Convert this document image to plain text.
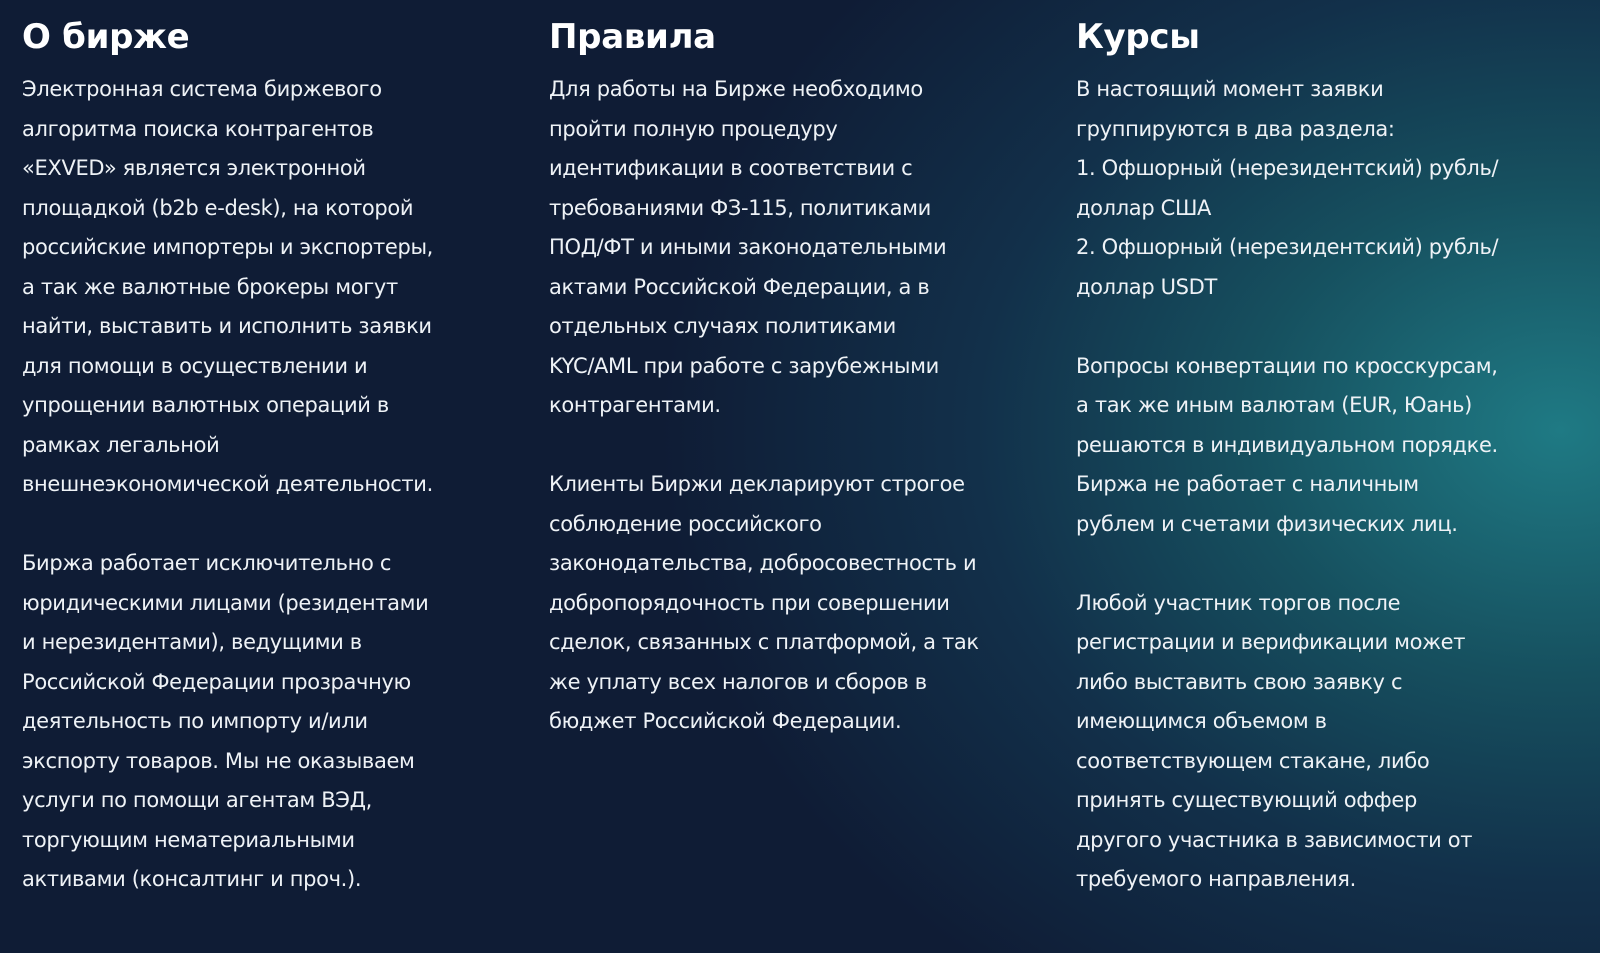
О бирже

Электронная система биржевого
алгоритма поиска контрагентов
«EXVED» является электронной
площадкой (b2b e-desk), на которой
российские импортеры и экспортеры,
а так же валютные брокеры могут
найти, выставить и исполнить заявки
для помощи в осуществлении и
упрощении валютных операций в
рамках легальной
внешнеэкономической деятельности.

Биржа работает исключительно с
юридическими лицами (резидентами
и нерезидентами), ведущими в
Российской Федерации прозрачную
деятельность по импорту и/или
экспорту товаров. Мы не оказываем
услуги по помощи агентам ВЭД,
торгующим нематериальными
активами (консалтинг и проч.).

Правила

Для работы на Бирже необходимо
пройти полную процедуру
идентификации в соответствии с
требованиями ФЗ-115, политиками
ПОД/ФТ и иными законодательными
актами Российской Федерации, а в
отдельных случаях политиками
KYC/AML при работе с зарубежными
контрагентами.

Клиенты Биржи декларируют строгое
соблюдение российского
законодательства, добросовестность и
добропорядочность при совершении
сделок, связанных с платформой, а так
же уплату всех налогов и сборов в
бюджет Российской Федерации.

Курсы

В настоящий момент заявки
группируются в два раздела:
1. Офшорный (нерезидентский) рубль/
доллар США
2. Офшорный (нерезидентский) рубль/
доллар USDT

Вопросы конвертации по кросскурсам,
а так же иным валютам (EUR, Юань)
решаются в индивидуальном порядке.
Биржа не работает с наличным
рублем и счетами физических лиц.

Любой участник торгов после
регистрации и верификации может
либо выставить свою заявку с
имеющимся объемом в
соответствующем стакане, либо
принять существующий оффер
другого участника в зависимости от
требуемого направления.
